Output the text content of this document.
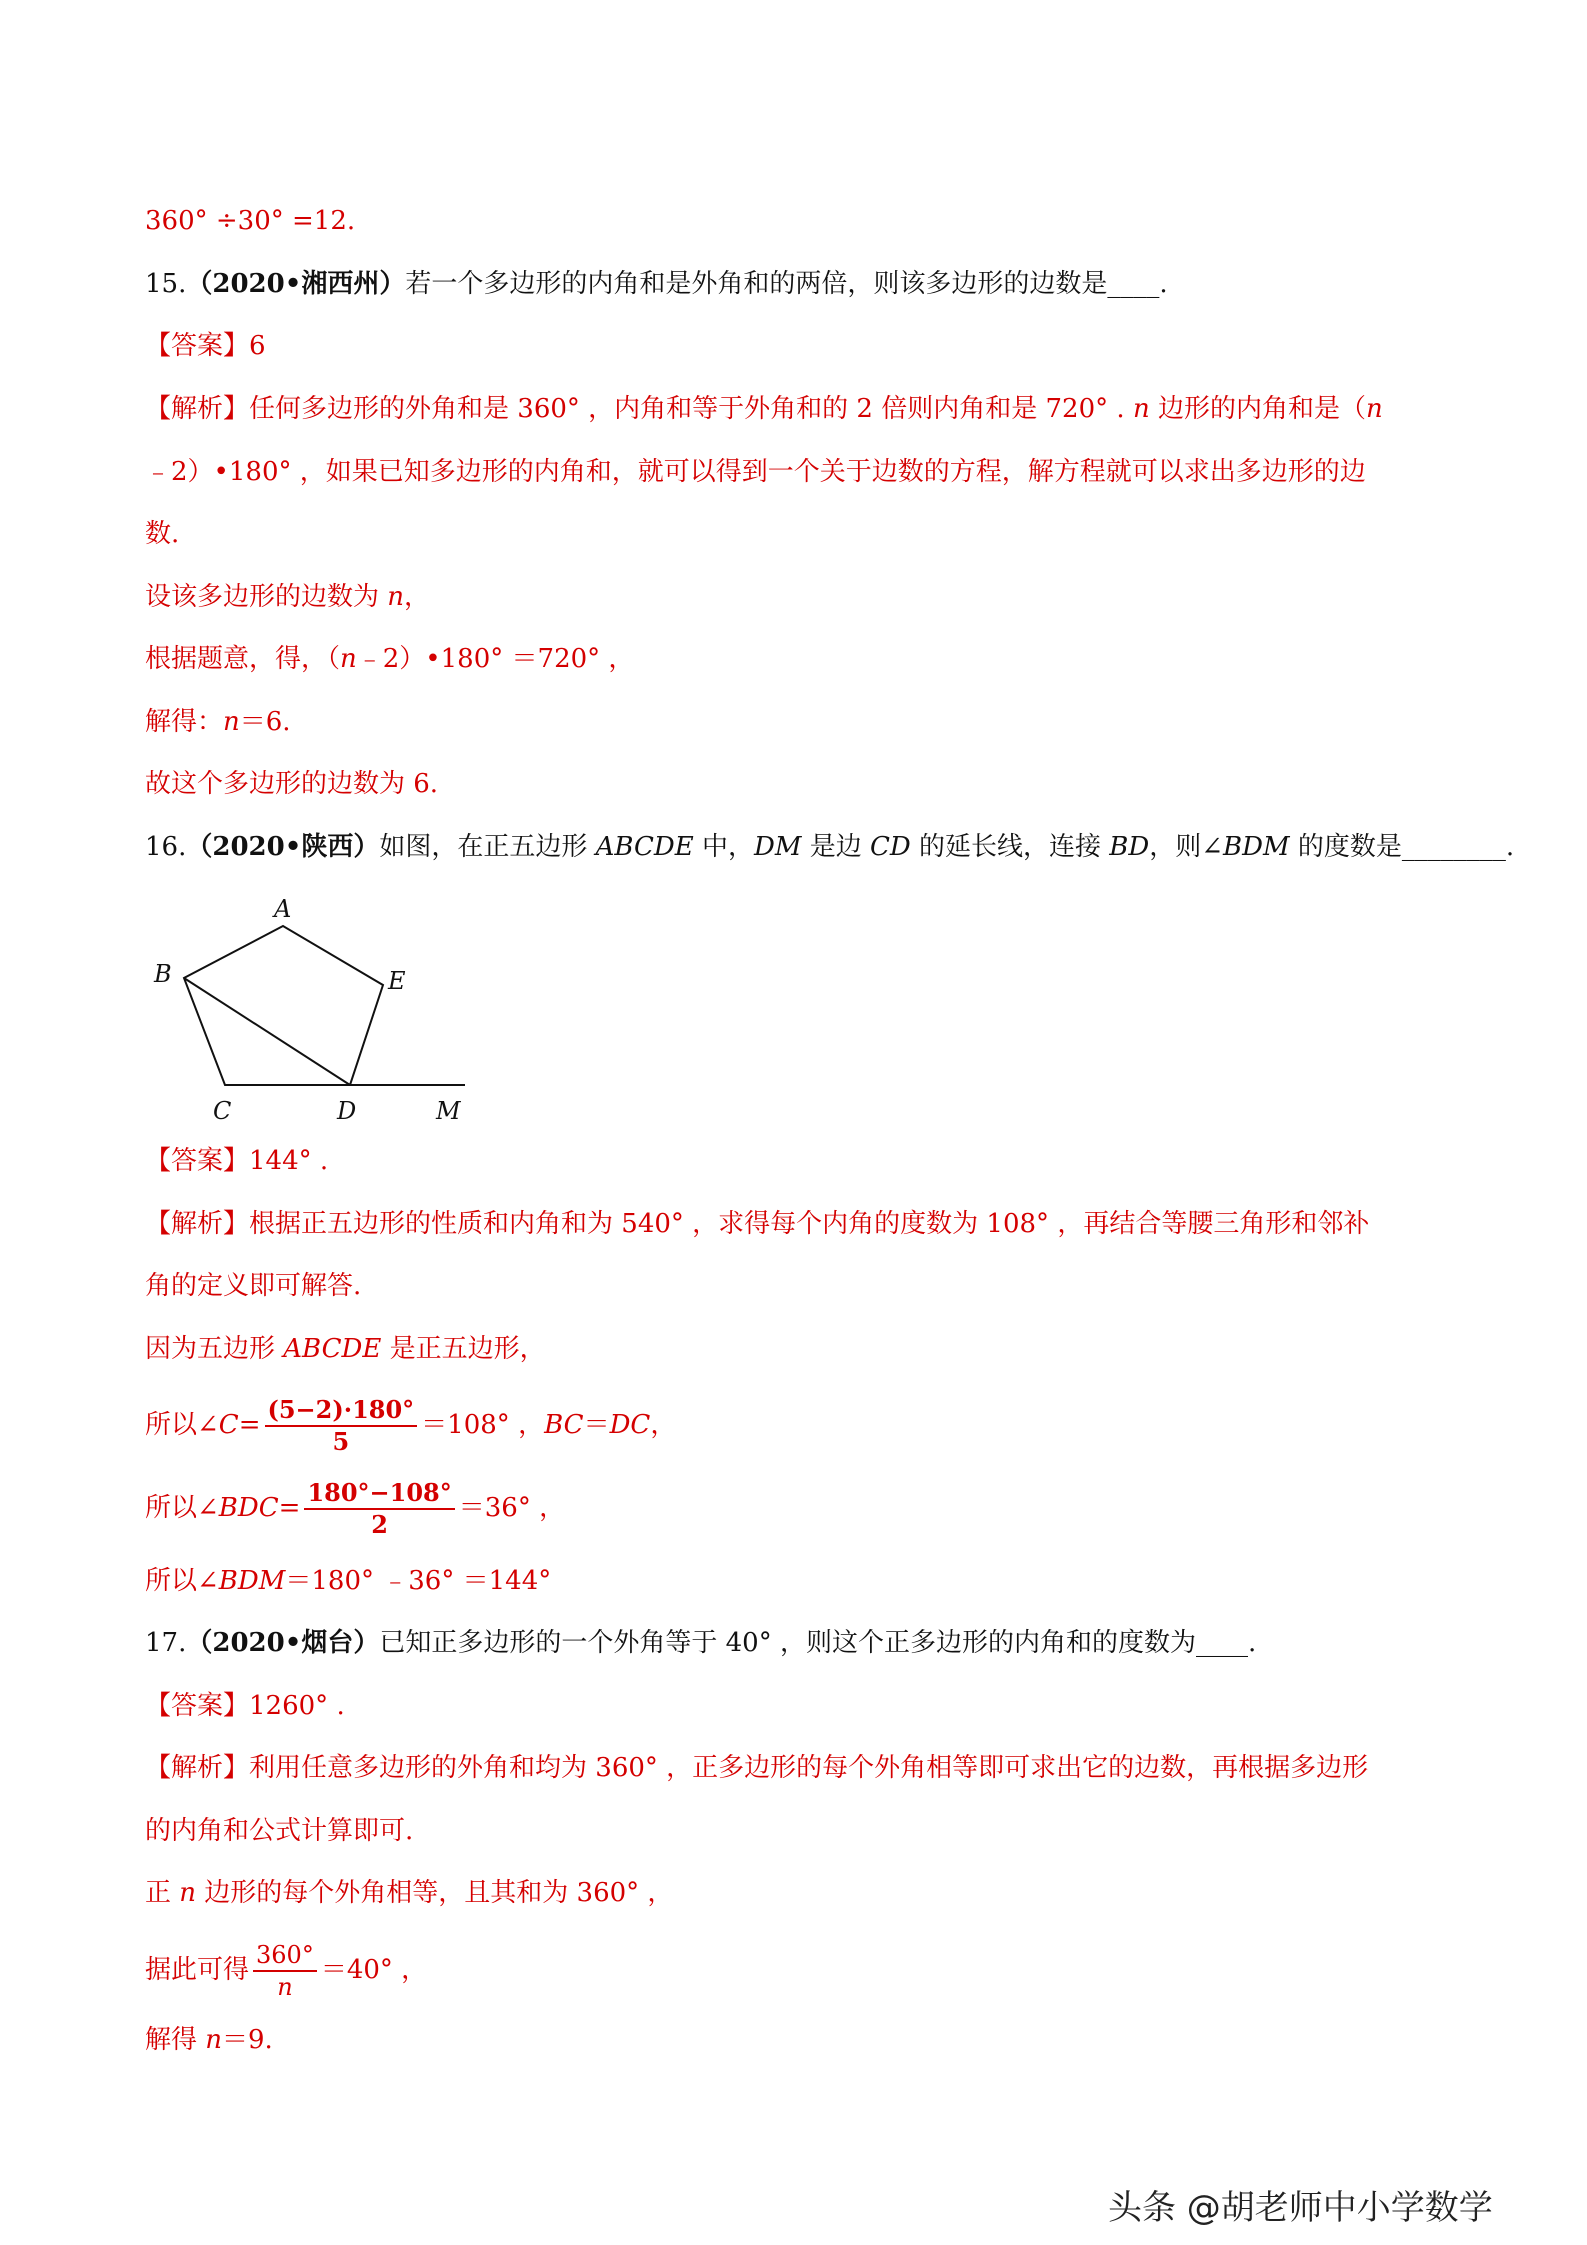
360° ÷30° =12.
15.（2020•湘西州）若一个多边形的内角和是外角和的两倍，则该多边形的边数是____.
【答案】6
【解析】任何多边形的外角和是 360° ，内角和等于外角和的 2 倍则内角和是 720° . n 边形的内角和是（n
﹣2）•180° ，如果已知多边形的内角和，就可以得到一个关于边数的方程，解方程就可以求出多边形的边
数.
设该多边形的边数为 n，
根据题意，得，（n﹣2）•180° ＝720° ，
解得：n＝6.
故这个多边形的边数为 6.
16.（2020•陕西）如图，在正五边形 ABCDE 中，DM 是边 CD 的延长线，连接 BD，则∠BDM 的度数是________.
A
B	E
C	D	M
【答案】144° .
【解析】根据正五边形的性质和内角和为 540° ，求得每个内角的度数为 108° ，再结合等腰三角形和邻补
角的定义即可解答.
因为五边形 ABCDE 是正五边形，
所以∠C= $\frac{(5-2)\cdot 180^\circ}{5} =108^\circ$ ，BC＝DC，
所以∠BDC= $\frac{180^\circ-108^\circ}{2} =36^\circ$ ，
所以∠BDM＝180° ﹣36° ＝144°
17.（2020•烟台）已知正多边形的一个外角等于 40° ，则这个正多边形的内角和的度数为____.
【答案】1260° .
【解析】利用任意多边形的外角和均为 360° ，正多边形的每个外角相等即可求出它的边数，再根据多边形
的内角和公式计算即可.
正 n 边形的每个外角相等，且其和为 360° ，
据此可得 $\frac{360^\circ}{n} =40^\circ$ ，
解得 n＝9.
头条 @胡老师中小学数学
